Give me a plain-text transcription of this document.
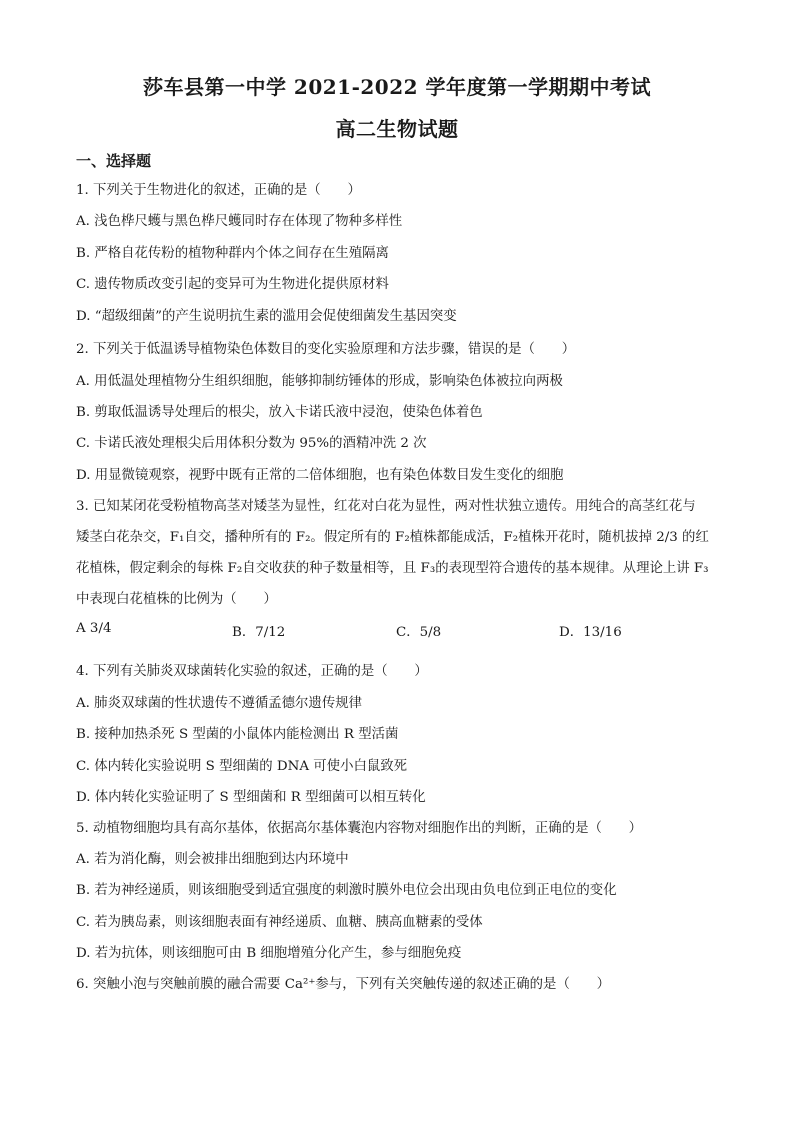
莎车县第一中学 2021-2022 学年度第一学期期中考试
高二生物试题
一、选择题
1. 下列关于生物进化的叙述，正确的是（　　）
A. 浅色桦尺蠖与黑色桦尺蠖同时存在体现了物种多样性
B. 严格自花传粉的植物种群内个体之间存在生殖隔离
C. 遗传物质改变引起的变异可为生物进化提供原材料
D. “超级细菌”的产生说明抗生素的滥用会促使细菌发生基因突变
2. 下列关于低温诱导植物染色体数目的变化实验原理和方法步骤，错误的是（　　）
A. 用低温处理植物分生组织细胞，能够抑制纺锤体的形成，影响染色体被拉向两极
B. 剪取低温诱导处理后的根尖，放入卡诺氏液中浸泡，使染色体着色
C. 卡诺氏液处理根尖后用体积分数为 95%的酒精冲洗 2 次
D. 用显微镜观察，视野中既有正常的二倍体细胞，也有染色体数目发生变化的细胞
3. 已知某闭花受粉植物高茎对矮茎为显性，红花对白花为显性，两对性状独立遗传。用纯合的高茎红花与
矮茎白花杂交，F₁自交，播种所有的 F₂。假定所有的 F₂植株都能成活，F₂植株开花时，随机拔掉 2/3 的红
花植株，假定剩余的每株 F₂自交收获的种子数量相等，且 F₃的表现型符合遗传的基本规律。从理论上讲 F₃
中表现白花植株的比例为（　　）
A 3/4	B．7/12	C．5/8	D．13/16
4. 下列有关肺炎双球菌转化实验的叙述，正确的是（　　）
A. 肺炎双球菌的性状遗传不遵循孟德尔遗传规律
B. 接种加热杀死 S 型菌的小鼠体内能检测出 R 型活菌
C. 体内转化实验说明 S 型细菌的 DNA 可使小白鼠致死
D. 体内转化实验证明了 S 型细菌和 R 型细菌可以相互转化
5. 动植物细胞均具有高尔基体，依据高尔基体囊泡内容物对细胞作出的判断，正确的是（　　）
A. 若为消化酶，则会被排出细胞到达内环境中
B. 若为神经递质，则该细胞受到适宜强度的刺激时膜外电位会出现由负电位到正电位的变化
C. 若为胰岛素，则该细胞表面有神经递质、血糖、胰高血糖素的受体
D. 若为抗体，则该细胞可由 B 细胞增殖分化产生，参与细胞免疫
6. 突触小泡与突触前膜的融合需要 Ca²⁺参与，下列有关突触传递的叙述正确的是（　　）
